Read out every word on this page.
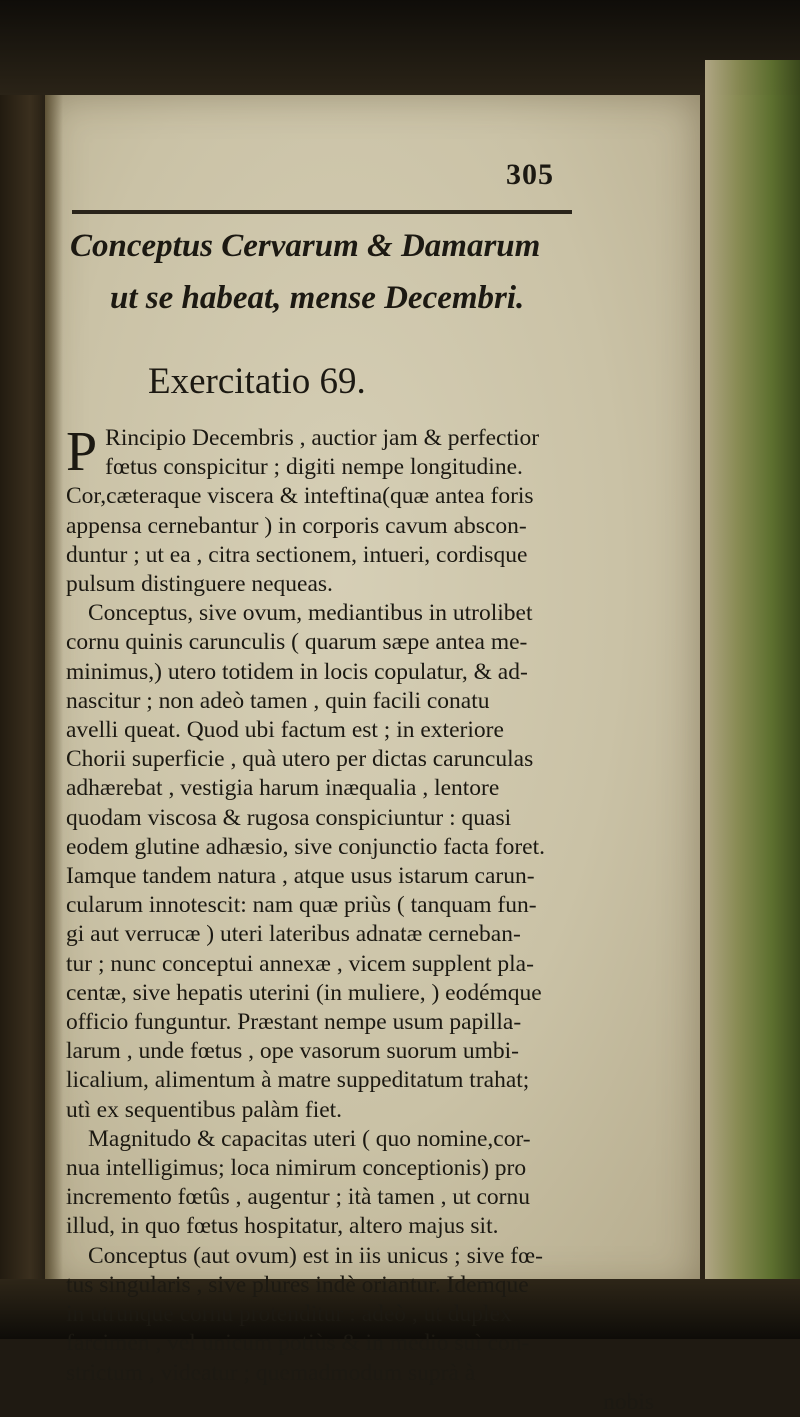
305
Conceptus Cervarum & Damarum
ut se habeat, mense Decembri.
Exercitatio 69.
P Rincipio Decembris , auctior jam & perfectior
fœtus conspicitur ; digiti nempe longitudine.
Cor,cæteraque viscera & inteftina(quæ antea foris
appensa cernebantur ) in corporis cavum abscon-
duntur ; ut ea , citra sectionem, intueri, cordisque
pulsum distinguere nequeas.
Conceptus, sive ovum, mediantibus in utrolibet
cornu quinis carunculis ( quarum sæpe antea me-
minimus,) utero totidem in locis copulatur, & ad-
nascitur ; non adeò tamen , quin facili conatu
avelli queat. Quod ubi factum est ; in exteriore
Chorii superficie , quà utero per dictas carunculas
adhærebat , vestigia harum inæqualia , lentore
quodam viscosa & rugosa conspiciuntur : quasi
eodem glutine adhæsio, sive conjunctio facta foret.
Iamque tandem natura , atque usus istarum carun-
cularum innotescit: nam quæ priùs ( tanquam fun-
gi aut verrucæ ) uteri lateribus adnatæ cerneban-
tur ; nunc conceptui annexæ , vicem supplent pla-
centæ, sive hepatis uterini (in muliere, ) eodémque
officio funguntur. Præstant nempe usum papilla-
larum , unde fœtus , ope vasorum suorum umbi-
licalium, alimentum à matre suppeditatum trahat;
utì ex sequentibus palàm fiet.
Magnitudo & capacitas uteri ( quo nomine,cor-
nua intelligimus; loca nimirum conceptionis) pro
incremento fœtûs , augentur ; ità tamen , ut cornu
illud, in quo fœtus hospitatur, altero majus sit.
Conceptus (aut ovum) est in iis unicus ; sive fœ-
tus singularis , sive plures indè oriantur. Idemque
in utrunque cornu protenditur : adeò , ut duplex
farcimen , vel unicum potiùs & in medio suì con-
strictum , videatur ; quemadmodum suprà à
nobis
